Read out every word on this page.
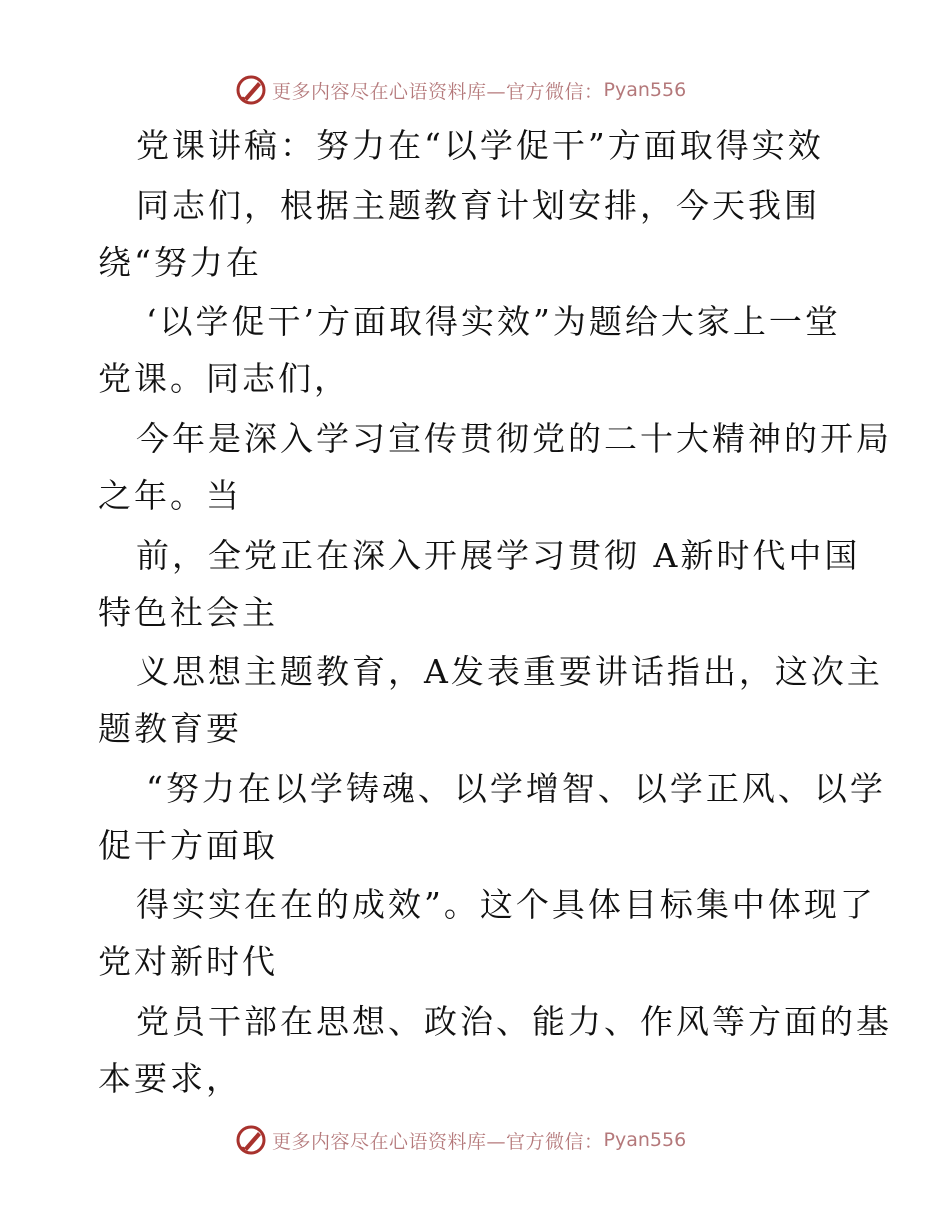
更多内容尽在心语资料库—官方微信： Pyan556
党课讲稿：努力在“以学促干”方面取得实效
同志们，根据主题教育计划安排，今天我围
绕“努力在
‘以学促干’方面取得实效”为题给大家上一堂
党课。同志们，
今年是深入学习宣传贯彻党的二十大精神的开局
之年。当
前，全党正在深入开展学习贯彻 A新时代中国
特色社会主
义思想主题教育，A发表重要讲话指出，这次主
题教育要
“努力在以学铸魂、以学增智、以学正风、以学
促干方面取
得实实在在的成效”。这个具体目标集中体现了
党对新时代
党员干部在思想、政治、能力、作风等方面的基
本要求，
更多内容尽在心语资料库—官方微信： Pyan556
